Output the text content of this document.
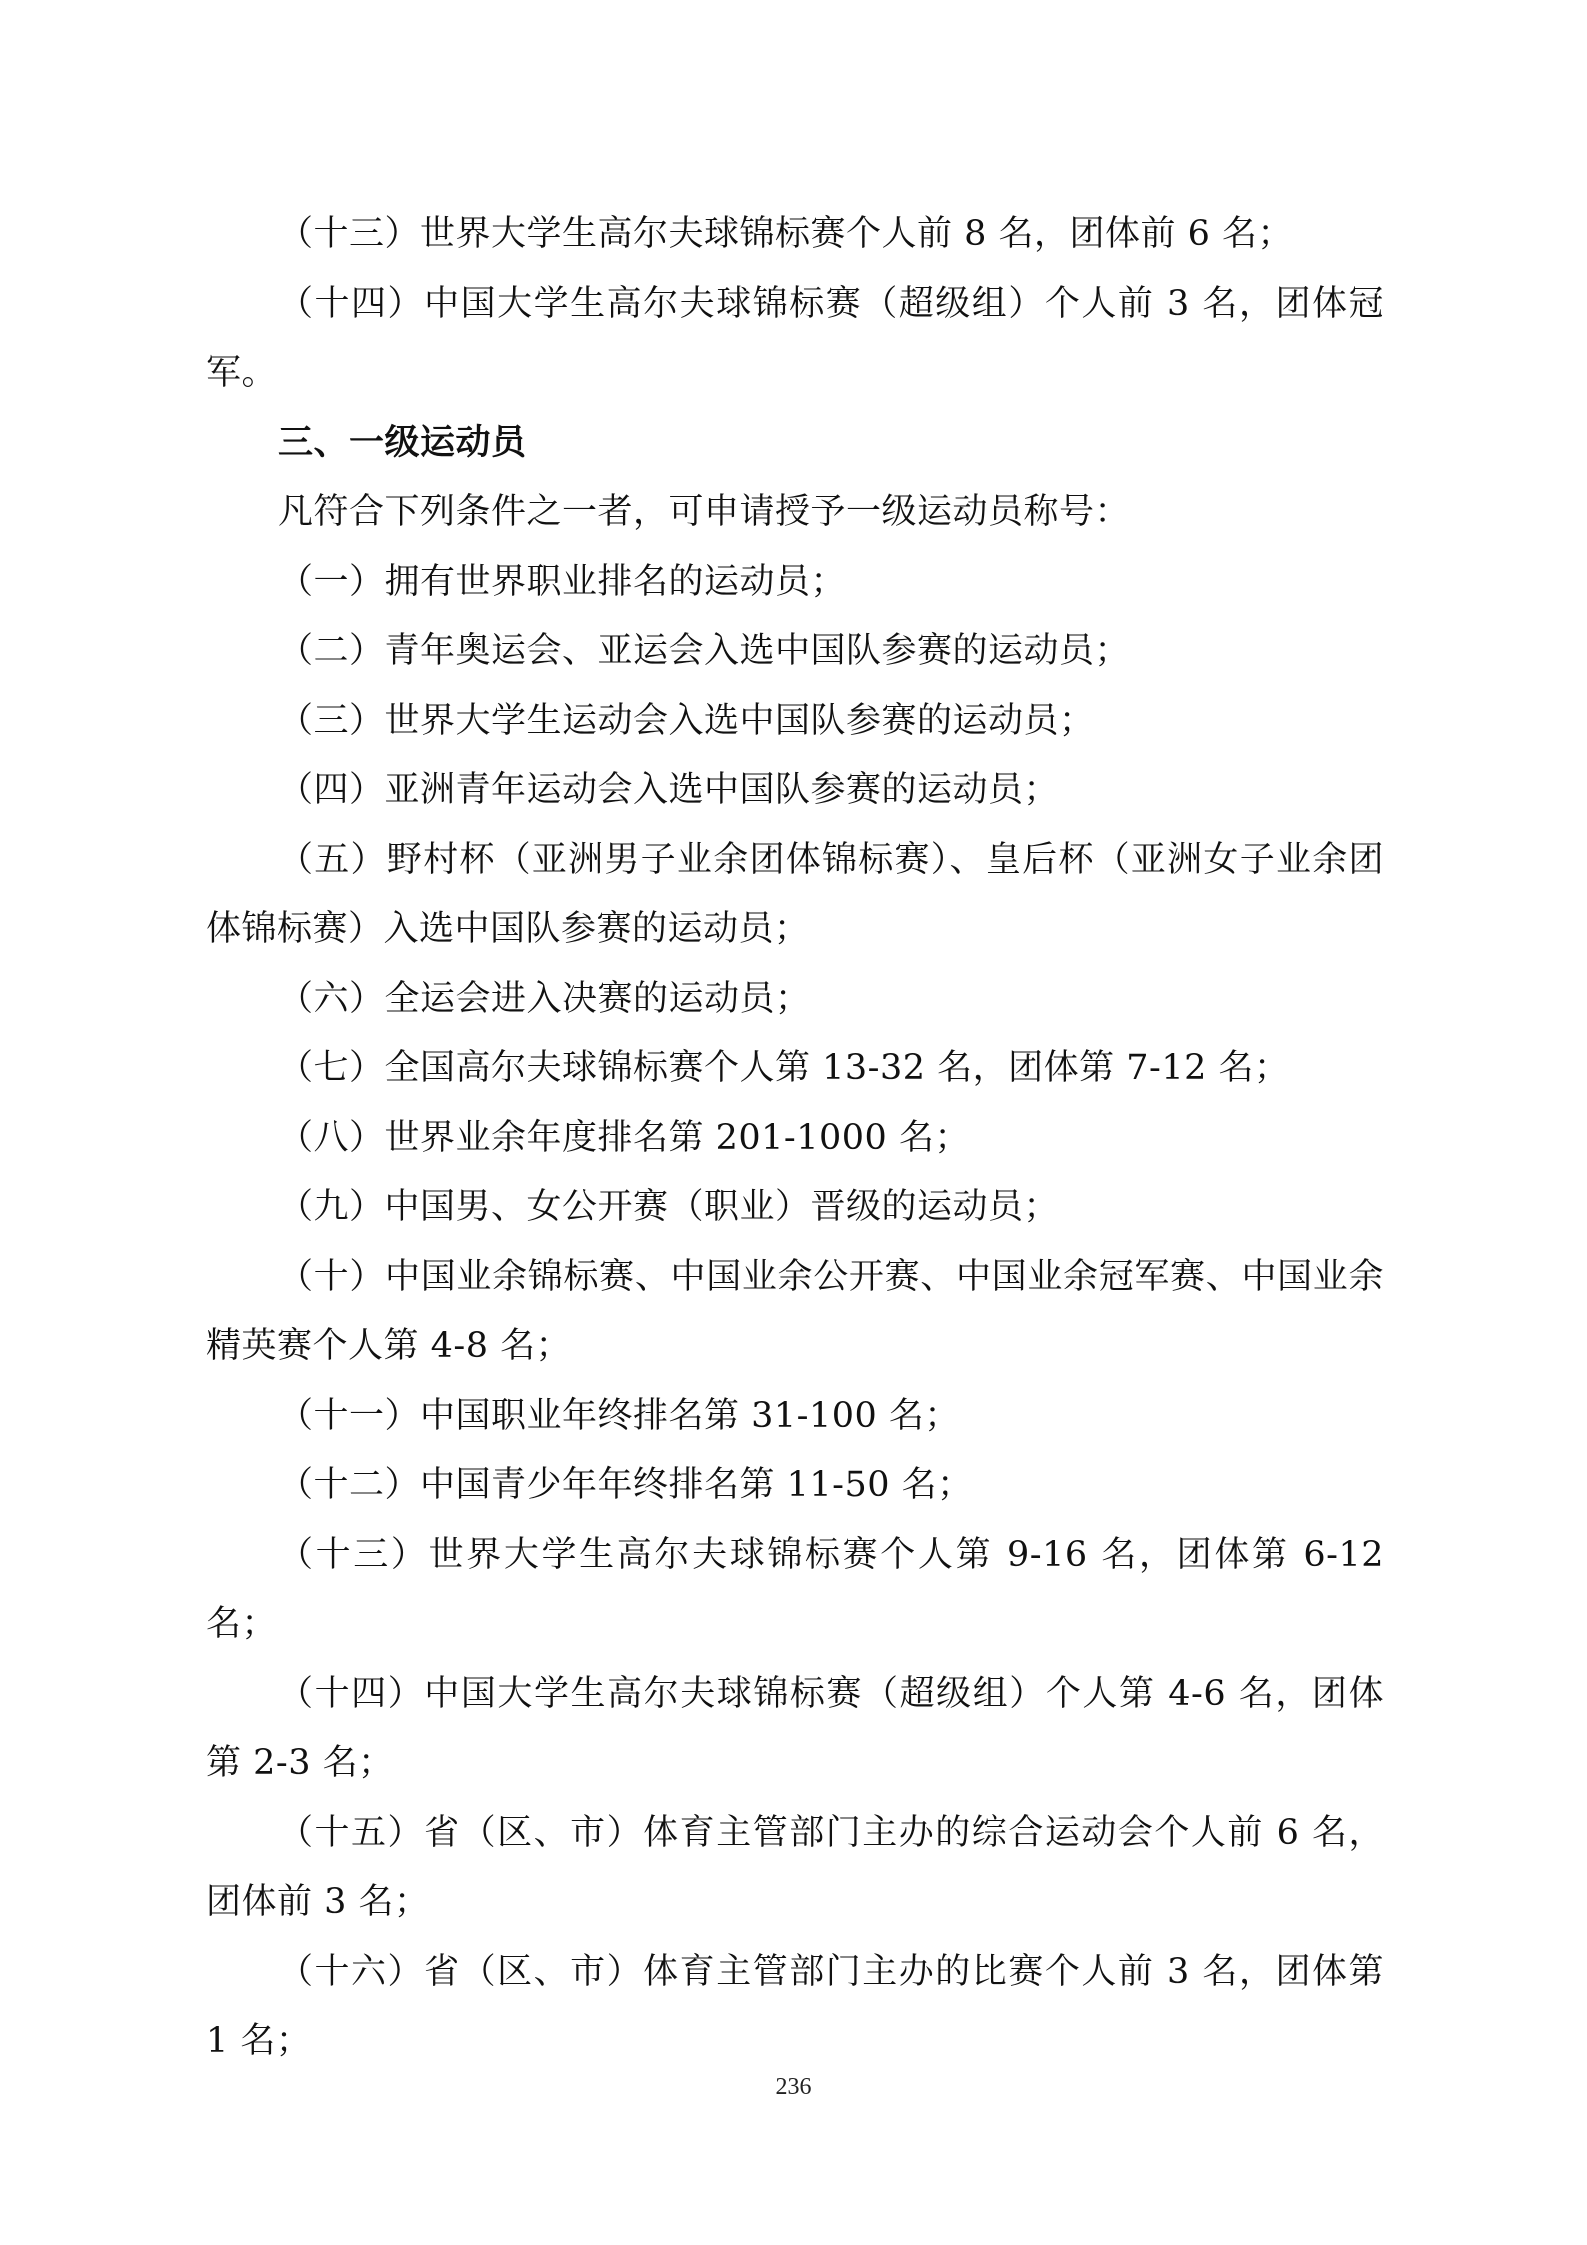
（十三）世界大学生高尔夫球锦标赛个人前 8 名，团体前 6 名；

（十四）中国大学生高尔夫球锦标赛（超级组）个人前 3 名，团体冠军。

三、一级运动员

凡符合下列条件之一者，可申请授予一级运动员称号：

（一）拥有世界职业排名的运动员；

（二）青年奥运会、亚运会入选中国队参赛的运动员；

（三）世界大学生运动会入选中国队参赛的运动员；

（四）亚洲青年运动会入选中国队参赛的运动员；

（五）野村杯（亚洲男子业余团体锦标赛）、皇后杯（亚洲女子业余团体锦标赛）入选中国队参赛的运动员；

（六）全运会进入决赛的运动员；

（七）全国高尔夫球锦标赛个人第 13-32 名，团体第 7-12 名；

（八）世界业余年度排名第 201-1000 名；

（九）中国男、女公开赛（职业）晋级的运动员；

（十）中国业余锦标赛、中国业余公开赛、中国业余冠军赛、中国业余精英赛个人第 4-8 名；

（十一）中国职业年终排名第 31-100 名；

（十二）中国青少年年终排名第 11-50 名；

（十三）世界大学生高尔夫球锦标赛个人第 9-16 名，团体第 6-12 名；

（十四）中国大学生高尔夫球锦标赛（超级组）个人第 4-6 名，团体第 2-3 名；

（十五）省（区、市）体育主管部门主办的综合运动会个人前 6 名，团体前 3 名；

（十六）省（区、市）体育主管部门主办的比赛个人前 3 名，团体第 1 名；

236
